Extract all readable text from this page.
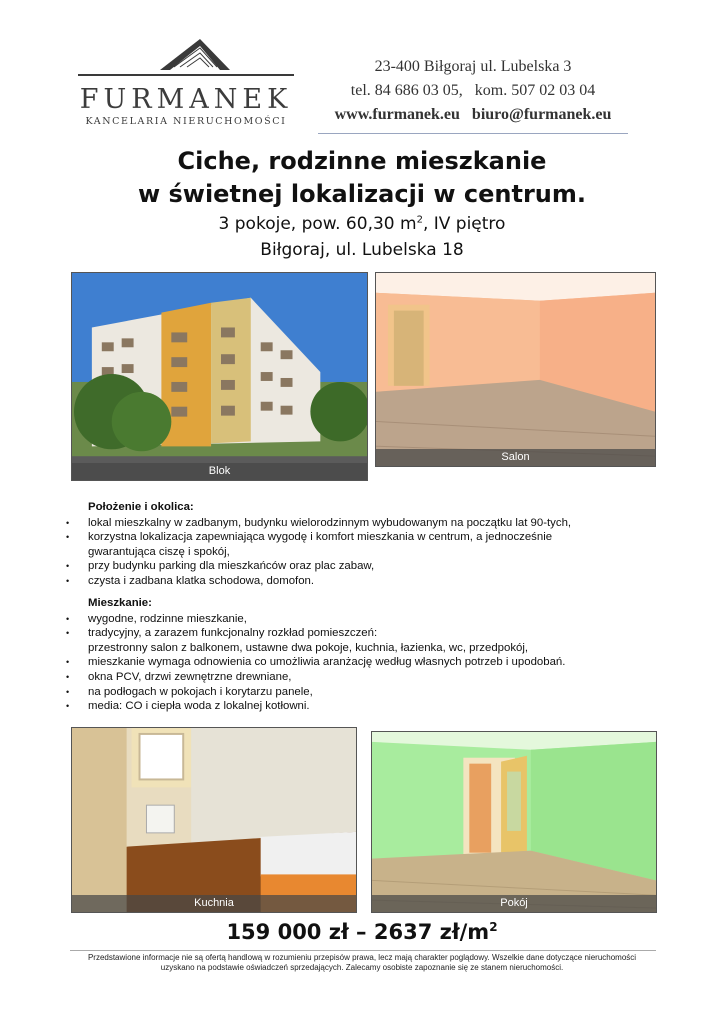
FURMANEK
KANCELARIA NIERUCHOMOŚCI
23-400 Biłgoraj ul. Lubelska 3
tel. 84 686 03 05,   kom. 507 02 03 04
www.furmanek.eu   biuro@furmanek.eu
Ciche, rodzinne mieszkanie
w świetnej lokalizacji w centrum.
3 pokoje, pow. 60,30 $m^2$, IV piętro
Biłgoraj, ul. Lubelska 18
Blok
Salon
Położenie i okolica:
• lokal mieszkalny w zadbanym, budynku wielorodzinnym wybudowanym na początku lat 90-tych,
• korzystna lokalizacja zapewniająca wygodę i komfort mieszkania w centrum, a jednocześnie
gwarantująca ciszę i spokój,
• przy budynku parking dla mieszkańców oraz plac zabaw,
• czysta i zadbana klatka schodowa, domofon.
Mieszkanie:
• wygodne, rodzinne mieszkanie,
• tradycyjny, a zarazem funkcjonalny rozkład pomieszczeń:
przestronny salon z balkonem, ustawne dwa pokoje, kuchnia, łazienka, wc, przedpokój,
• mieszkanie wymaga odnowienia co umożliwia aranżację według własnych potrzeb i upodobań.
• okna PCV, drzwi zewnętrzne drewniane,
• na podłogach w pokojach i korytarzu panele,
• media: CO i ciepła woda z lokalnej kotłowni.
Kuchnia	Pokój
159 000 zł – 2637 $zł/m^2$
Przedstawione informacje nie są ofertą handlową w rozumieniu przepisów prawa, lecz mają charakter poglądowy. Wszelkie dane dotyczące nieruchomości
uzyskano na podstawie oświadczeń sprzedających. Zalecamy osobiste zapoznanie się ze stanem nieruchomości.
